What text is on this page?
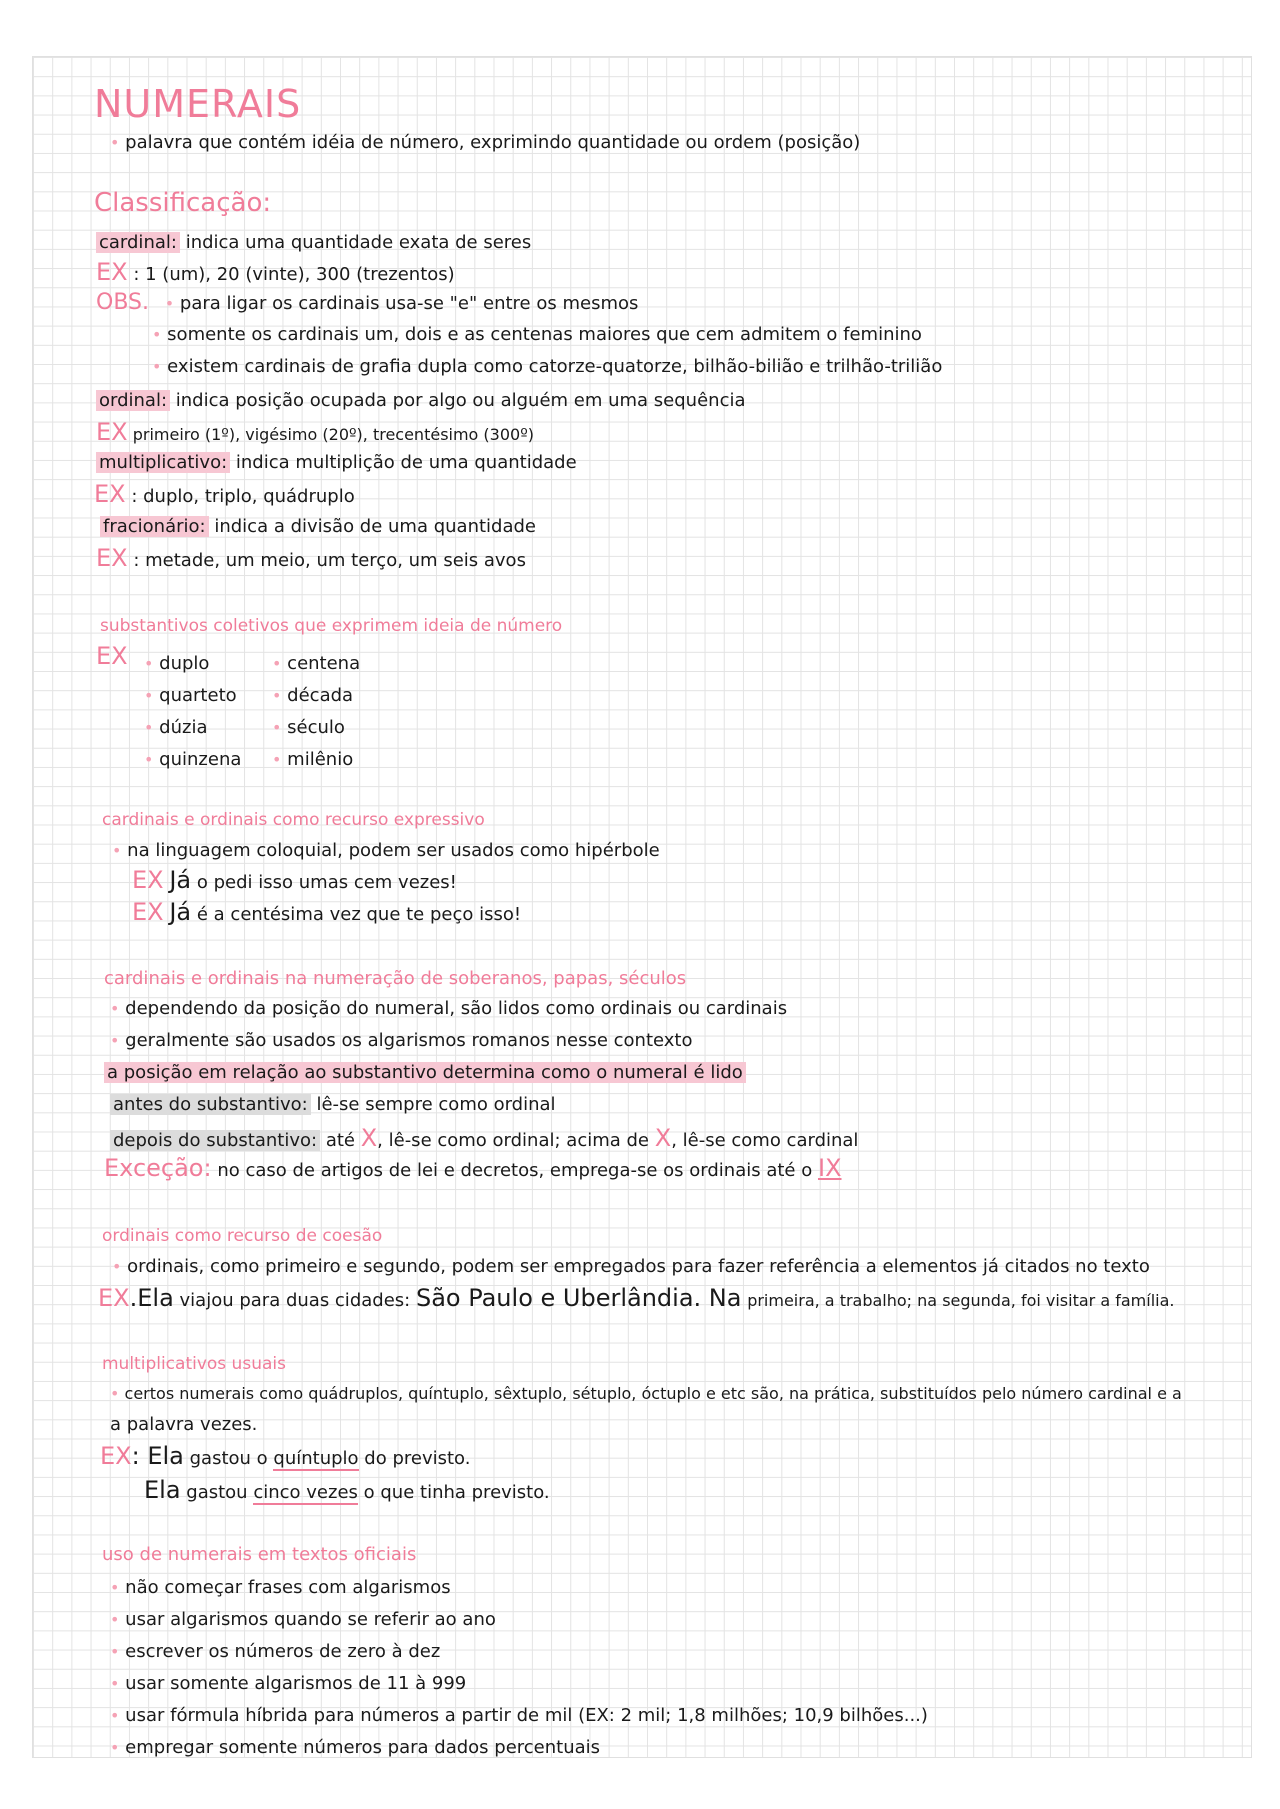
NUMERAIS
• palavra que contém idéia de número, exprimindo quantidade ou ordem (posição)
Classificação:
cardinal: indica uma quantidade exata de seres
EX : 1 (um), 20 (vinte), 300 (trezentos)
OBS. • para ligar os cardinais usa-se "e" entre os mesmos
• somente os cardinais um, dois e as centenas maiores que cem admitem o feminino
• existem cardinais de grafia dupla como catorze-quatorze, bilhão-bilião e trilhão-trilião
ordinal: indica posição ocupada por algo ou alguém em uma sequência
EX primeiro (1º), vigésimo (20º), trecentésimo (300º)
multiplicativo: indica multiplição de uma quantidade
EX : duplo, triplo, quádruplo
fracionário: indica a divisão de uma quantidade
EX : metade, um meio, um terço, um seis avos
substantivos coletivos que exprimem ideia de número
EX • duplo
• quarteto
• dúzia
• quinzena
• centena
• década
• século
• milênio
cardinais e ordinais como recurso expressivo
• na linguagem coloquial, podem ser usados como hipérbole
EX Já o pedi isso umas cem vezes!
EX Já é a centésima vez que te peço isso!
cardinais e ordinais na numeração de soberanos, papas, séculos
• dependendo da posição do numeral, são lidos como ordinais ou cardinais
• geralmente são usados os algarismos romanos nesse contexto
a posição em relação ao substantivo determina como o numeral é lido
antes do substantivo: lê-se sempre como ordinal
depois do substantivo: até X, lê-se como ordinal; acima de X, lê-se como cardinal
Exceção: no caso de artigos de lei e decretos, emprega-se os ordinais até o IX
ordinais como recurso de coesão
• ordinais, como primeiro e segundo, podem ser empregados para fazer referência a elementos já citados no texto
EX.Ela viajou para duas cidades: São Paulo e Uberlândia. Na primeira, a trabalho; na segunda, foi visitar a família.
multiplicativos usuais
• certos numerais como quádruplos, quíntuplo, sêxtuplo, sétuplo, óctuplo e etc são, na prática, substituídos pelo número cardinal e a
a palavra vezes.
EX: Ela gastou o quíntuplo do previsto.
Ela gastou cinco vezes o que tinha previsto.
uso de numerais em textos oficiais
• não começar frases com algarismos
• usar algarismos quando se referir ao ano
• escrever os números de zero à dez
• usar somente algarismos de 11 à 999
• usar fórmula híbrida para números a partir de mil (EX: 2 mil; 1,8 milhões; 10,9 bilhões...)
• empregar somente números para dados percentuais
